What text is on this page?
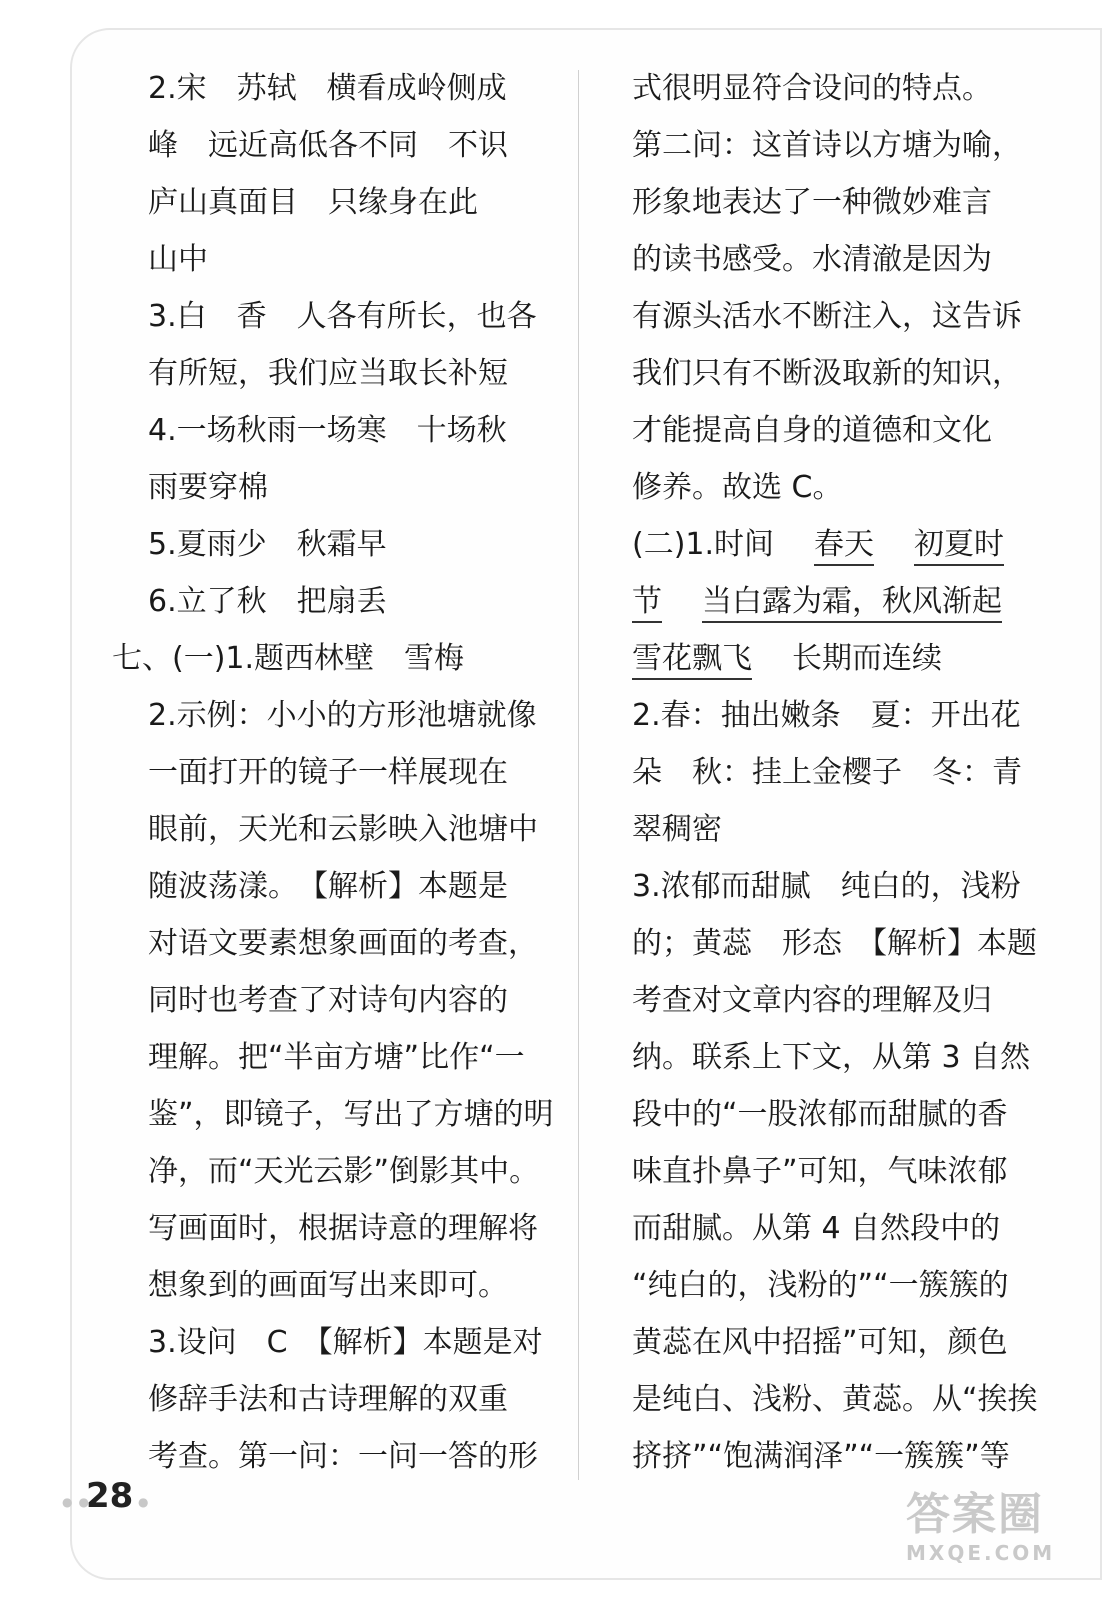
2.宋　苏轼　横看成岭侧成
峰　远近高低各不同　不识
庐山真面目　只缘身在此
山中
3.白　香　人各有所长，也各
有所短，我们应当取长补短
4.一场秋雨一场寒　十场秋
雨要穿棉
5.夏雨少　秋霜早
6.立了秋　把扇丢
七、(一)1.题西林壁　雪梅
2.示例：小小的方形池塘就像
一面打开的镜子一样展现在
眼前，天光和云影映入池塘中
随波荡漾。　【解析】本题是
对语文要素想象画面的考查，
同时也考查了对诗句内容的
理解。把“半亩方塘”比作“一
鉴”，即镜子，写出了方塘的明
净，而“天光云影”倒影其中。
写画面时，根据诗意的理解将
想象到的画面写出来即可。
3.设问　C　【解析】本题是对
修辞手法和古诗理解的双重
考查。第一问：一问一答的形
式很明显符合设问的特点。
第二问：这首诗以方塘为喻，
形象地表达了一种微妙难言
的读书感受。水清澈是因为
有源头活水不断注入，这告诉
我们只有不断汲取新的知识，
才能提高自身的道德和文化
修养。故选 C。
(二)1.时间 春天 初夏时
节 当白露为霜，秋风渐起
雪花飘飞 长期而连续
2.春：抽出嫩条　夏：开出花
朵　秋：挂上金樱子　冬：青
翠稠密
3.浓郁而甜腻　纯白的，浅粉
的；黄蕊　形态　【解析】本题
考查对文章内容的理解及归
纳。联系上下文，从第 3 自然
段中的“一股浓郁而甜腻的香
味直扑鼻子”可知，气味浓郁
而甜腻。从第 4 自然段中的
“纯白的，浅粉的”“一簇簇的
黄蕊在风中招摇”可知，颜色
是纯白、浅粉、黄蕊。从“挨挨
挤挤”“饱满润泽”“一簇簇”等
●●
28 ●	答案圈
MXQE.COM
